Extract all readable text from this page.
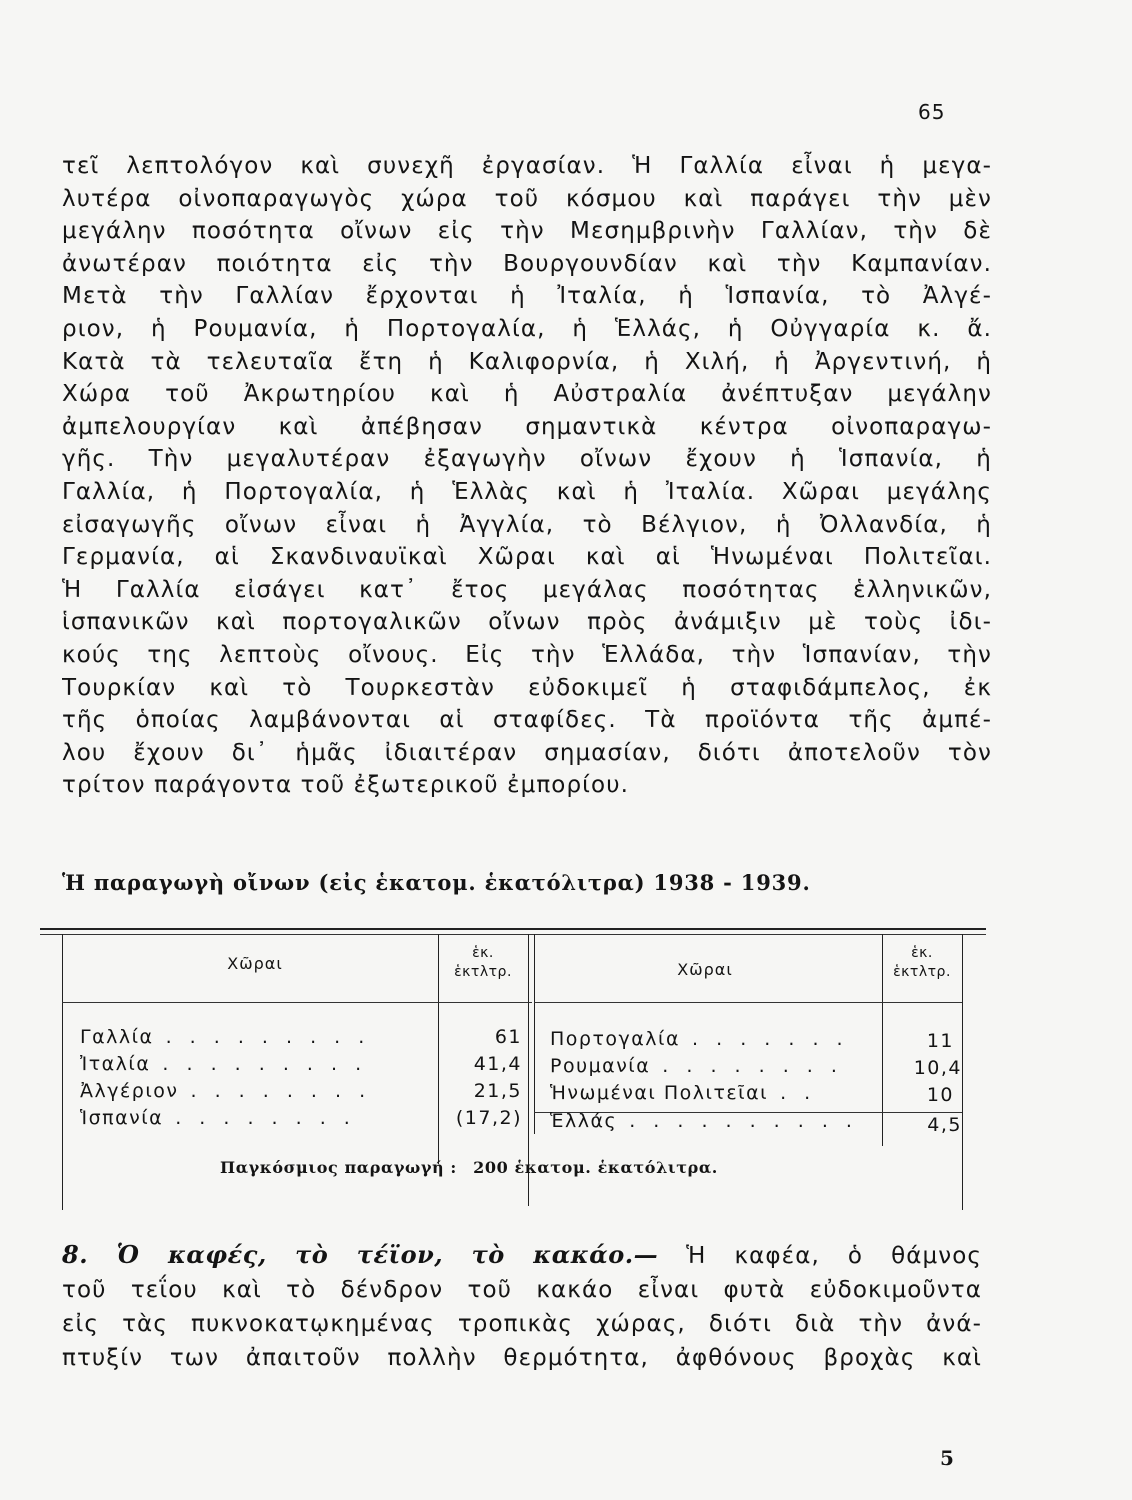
65
τεῖ λεπτολόγον καὶ συνεχῆ ἐργασίαν. Ἡ Γαλλία εἶναι ἡ μεγα-
λυτέρα οἰνοπαραγωγὸς χώρα τοῦ κόσμου καὶ παράγει τὴν μὲν
μεγάλην ποσότητα οἴνων εἰς τὴν Μεσημβρινὴν Γαλλίαν, τὴν δὲ
ἀνωτέραν ποιότητα εἰς τὴν Βουργουνδίαν καὶ τὴν Καμπανίαν.
Μετὰ τὴν Γαλλίαν ἔρχονται ἡ Ἰταλία, ἡ Ἱσπανία, τὸ Ἀλγέ-
ριον, ἡ Ρουμανία, ἡ Πορτογαλία, ἡ Ἑλλάς, ἡ Οὐγγαρία κ. ἄ.
Κατὰ τὰ τελευταῖα ἔτη ἡ Καλιφορνία, ἡ Χιλή, ἡ Ἀργεντινή, ἡ
Χώρα τοῦ Ἀκρωτηρίου καὶ ἡ Αὐστραλία ἀνέπτυξαν μεγάλην
ἀμπελουργίαν καὶ ἀπέβησαν σημαντικὰ κέντρα οἰνοπαραγω-
γῆς. Τὴν μεγαλυτέραν ἐξαγωγὴν οἴνων ἔχουν ἡ Ἱσπανία, ἡ
Γαλλία, ἡ Πορτογαλία, ἡ Ἑλλὰς καὶ ἡ Ἰταλία. Χῶραι μεγάλης
εἰσαγωγῆς οἴνων εἶναι ἡ Ἀγγλία, τὸ Βέλγιον, ἡ Ὀλλανδία, ἡ
Γερμανία, αἱ Σκανδιναυϊκαὶ Χῶραι καὶ αἱ Ἡνωμέναι Πολιτεῖαι.
Ἡ Γαλλία εἰσάγει κατ᾿ ἔτος μεγάλας ποσότητας ἑλληνικῶν,
ἱσπανικῶν καὶ πορτογαλικῶν οἴνων πρὸς ἀνάμιξιν μὲ τοὺς ἰδι-
κούς της λεπτοὺς οἴνους. Εἰς τὴν Ἑλλάδα, τὴν Ἱσπανίαν, τὴν
Τουρκίαν καὶ τὸ Τουρκεστὰν εὐδοκιμεῖ ἡ σταφιδάμπελος, ἐκ
τῆς ὁποίας λαμβάνονται αἱ σταφίδες. Τὰ προϊόντα τῆς ἀμπέ-
λου ἔχουν δι᾿ ἡμᾶς ἰδιαιτέραν σημασίαν, διότι ἀποτελοῦν τὸν
τρίτον παράγοντα τοῦ ἐξωτερικοῦ ἐμπορίου.
Ἡ παραγωγὴ οἴνων (εἰς ἑκατομ. ἑκατόλιτρα) 1938 - 1939.
Χῶραι
ἑκ.
ἑκτλτρ.	Χῶραι
ἑκ.
ἑκτλτρ.
Γαλλία . . . . . . . . .
Ἰταλία . . . . . . . . .
Ἀλγέριον . . . . . . . .
Ἱσπανία . . . . . . . .
61
41,4
21,5
(17,2)
Πορτογαλία . . . . . . .
Ρουμανία . . . . . . . .
Ἡνωμέναι Πολιτεῖαι . .
Ἑλλάς . . . . . . . . . .
11
10,4
10
4,5
Παγκόσμιος παραγωγή : 200 ἑκατομ. ἑκατόλιτρα.
8. Ὁ καφές, τὸ τέϊον, τὸ κακάο.— Ἡ καφέα, ὁ θάμνος
τοῦ τεΐου καὶ τὸ δένδρον τοῦ κακάο εἶναι φυτὰ εὐδοκιμοῦντα
εἰς τὰς πυκνοκατῳκημένας τροπικὰς χώρας, διότι διὰ τὴν ἀνά-
πτυξίν των ἀπαιτοῦν πολλὴν θερμότητα, ἀφθόνους βροχὰς καὶ
5
